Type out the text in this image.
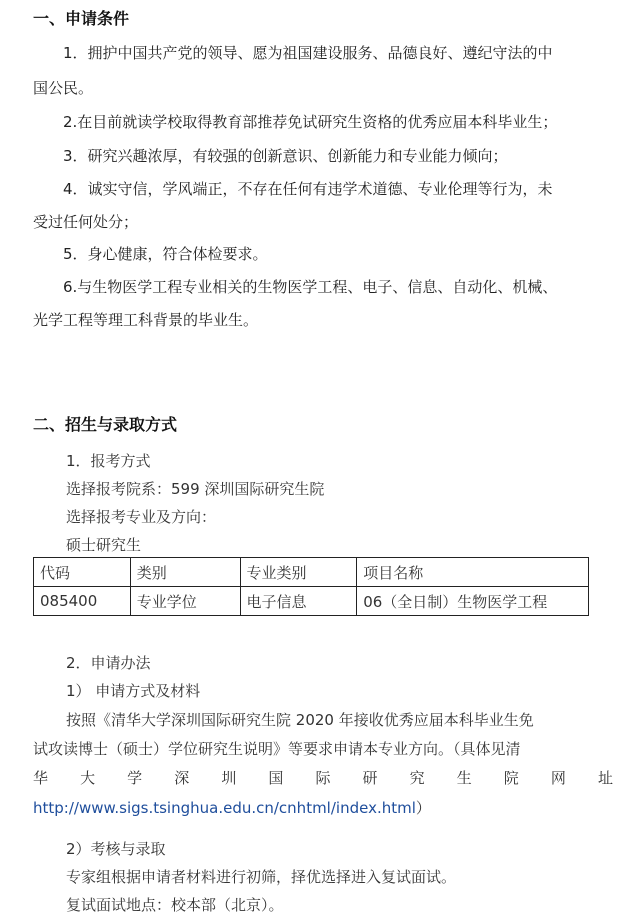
一、申请条件
1．拥护中国共产党的领导、愿为祖国建设服务、品德良好、遵纪守法的中
国公民。
2.在目前就读学校取得教育部推荐免试研究生资格的优秀应届本科毕业生；
3．研究兴趣浓厚，有较强的创新意识、创新能力和专业能力倾向；
4．诚实守信，学风端正，不存在任何有违学术道德、专业伦理等行为，未
受过任何处分；
5．身心健康，符合体检要求。
6.与生物医学工程专业相关的生物医学工程、电子、信息、自动化、机械、
光学工程等理工科背景的毕业生。
二、招生与录取方式
1．报考方式
选择报考院系：599 深圳国际研究生院
选择报考专业及方向：
硕士研究生
代码	类别	专业类别	项目名称
085400	专业学位	电子信息	06（全日制）生物医学工程
2．申请办法
1） 申请方式及材料
按照《清华大学深圳国际研究生院 2020 年接收优秀应届本科毕业生免
试攻读博士（硕士）学位研究生说明》等要求申请本专业方向。（具体见清
华 大 学 深 圳 国 际 研 究 生 院 网 址
http://www.sigs.tsinghua.edu.cn/cnhtml/index.html）
2）考核与录取
专家组根据申请者材料进行初筛，择优选择进入复试面试。
复试面试地点：校本部（北京）。
